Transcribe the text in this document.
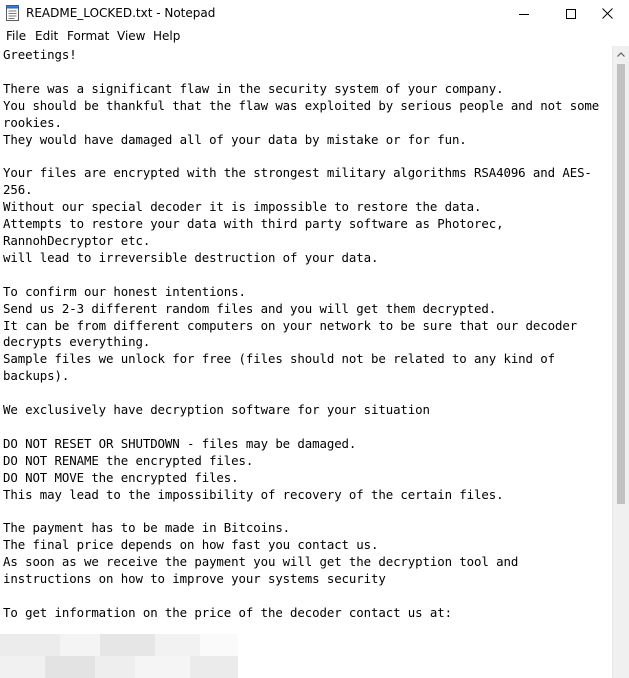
README_LOCKED.txt - Notepad
File Edit Format View Help
Greetings!

There was a significant flaw in the security system of your company.
You should be thankful that the flaw was exploited by serious people and not some
rookies.
They would have damaged all of your data by mistake or for fun.

Your files are encrypted with the strongest military algorithms RSA4096 and AES-
256.
Without our special decoder it is impossible to restore the data.
Attempts to restore your data with third party software as Photorec,
RannohDecryptor etc.
will lead to irreversible destruction of your data.

To confirm our honest intentions.
Send us 2-3 different random files and you will get them decrypted.
It can be from different computers on your network to be sure that our decoder
decrypts everything.
Sample files we unlock for free (files should not be related to any kind of
backups).

We exclusively have decryption software for your situation

DO NOT RESET OR SHUTDOWN - files may be damaged.
DO NOT RENAME the encrypted files.
DO NOT MOVE the encrypted files.
This may lead to the impossibility of recovery of the certain files.

The payment has to be made in Bitcoins.
The final price depends on how fast you contact us.
As soon as we receive the payment you will get the decryption tool and
instructions on how to improve your systems security

To get information on the price of the decoder contact us at:
